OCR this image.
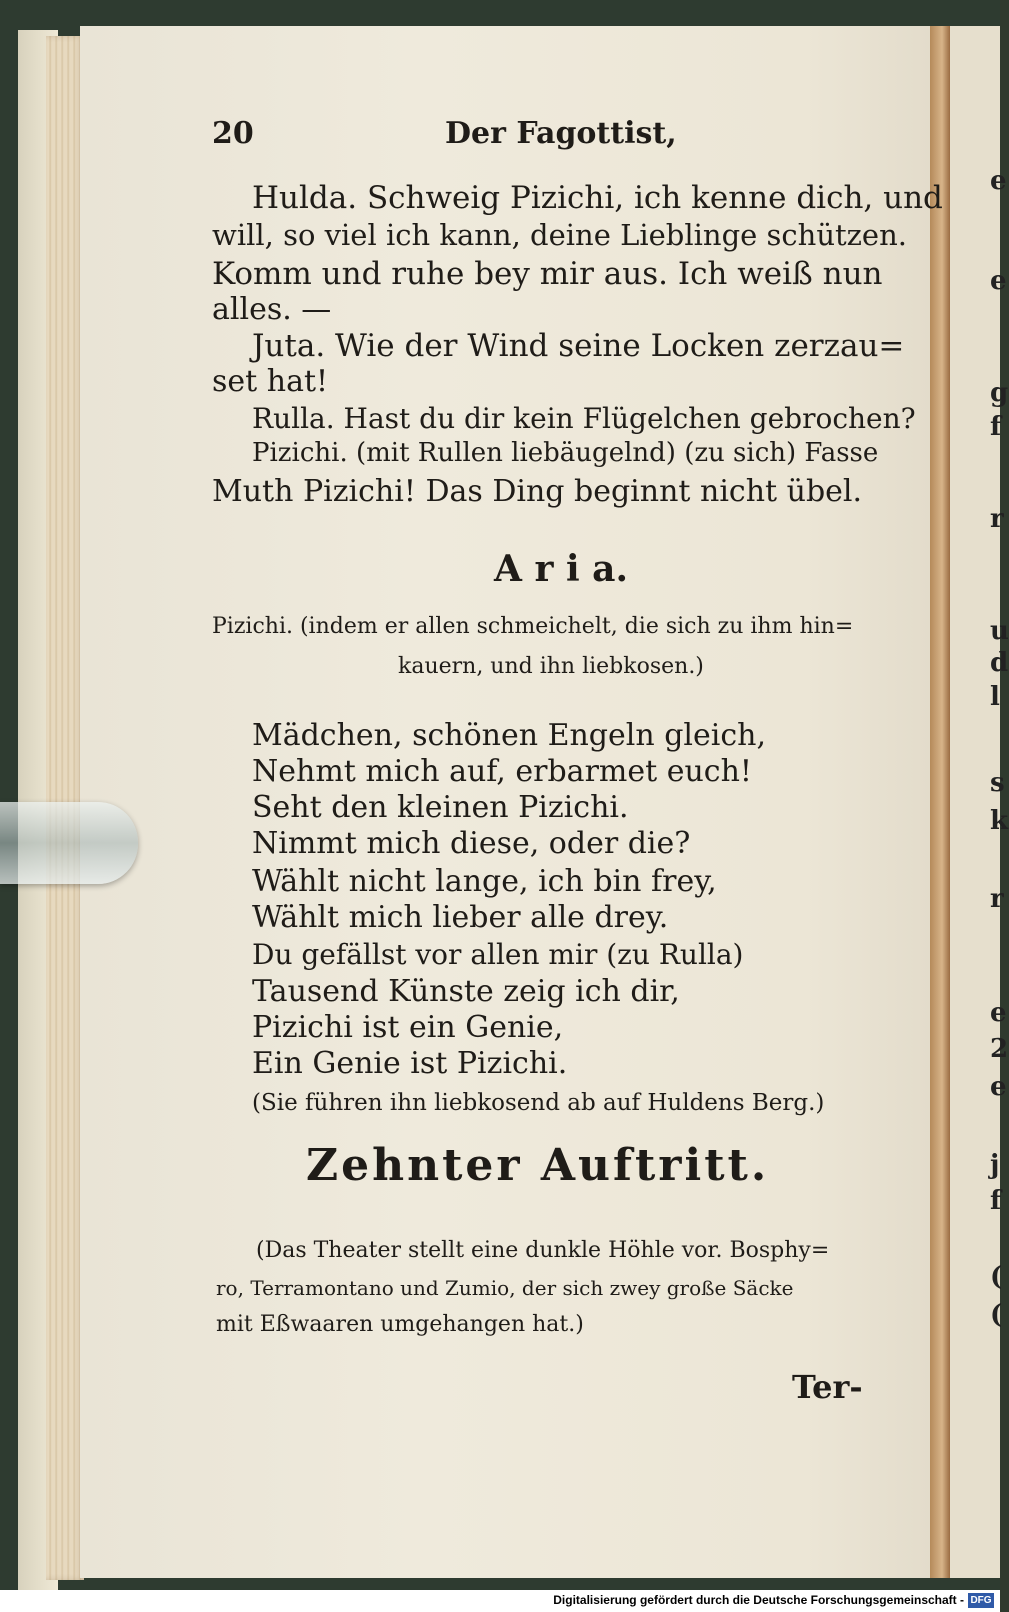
e
e
g
f
r
u
d
l
s
k
r
e
2
e
j
f
(
(
20	Der Fagottist,
Hulda. Schweig Pizichi, ich kenne dich, und
will, so viel ich kann, deine Lieblinge schützen.
Komm und ruhe bey mir aus. Ich weiß nun
alles. —
Juta. Wie der Wind seine Locken zerzau=
set hat!
Rulla. Hast du dir kein Flügelchen gebrochen?
Pizichi. (mit Rullen liebäugelnd) (zu sich) Fasse
Muth Pizichi! Das Ding beginnt nicht übel.
A r i a.
Pizichi. (indem er allen schmeichelt, die sich zu ihm hin=
kauern, und ihn liebkosen.)
Mädchen, schönen Engeln gleich,
Nehmt mich auf, erbarmet euch!
Seht den kleinen Pizichi.
Nimmt mich diese, oder die?
Wählt nicht lange, ich bin frey,
Wählt mich lieber alle drey.
Du gefällst vor allen mir (zu Rulla)
Tausend Künste zeig ich dir,
Pizichi ist ein Genie,
Ein Genie ist Pizichi.
(Sie führen ihn liebkosend ab auf Huldens Berg.)
Zehnter Auftritt.
(Das Theater stellt eine dunkle Höhle vor. Bosphy=
ro, Terramontano und Zumio, der sich zwey große Säcke
mit Eßwaaren umgehangen hat.)
Ter-
Digitalisierung gefördert durch die Deutsche Forschungsgemeinschaft - DFG
